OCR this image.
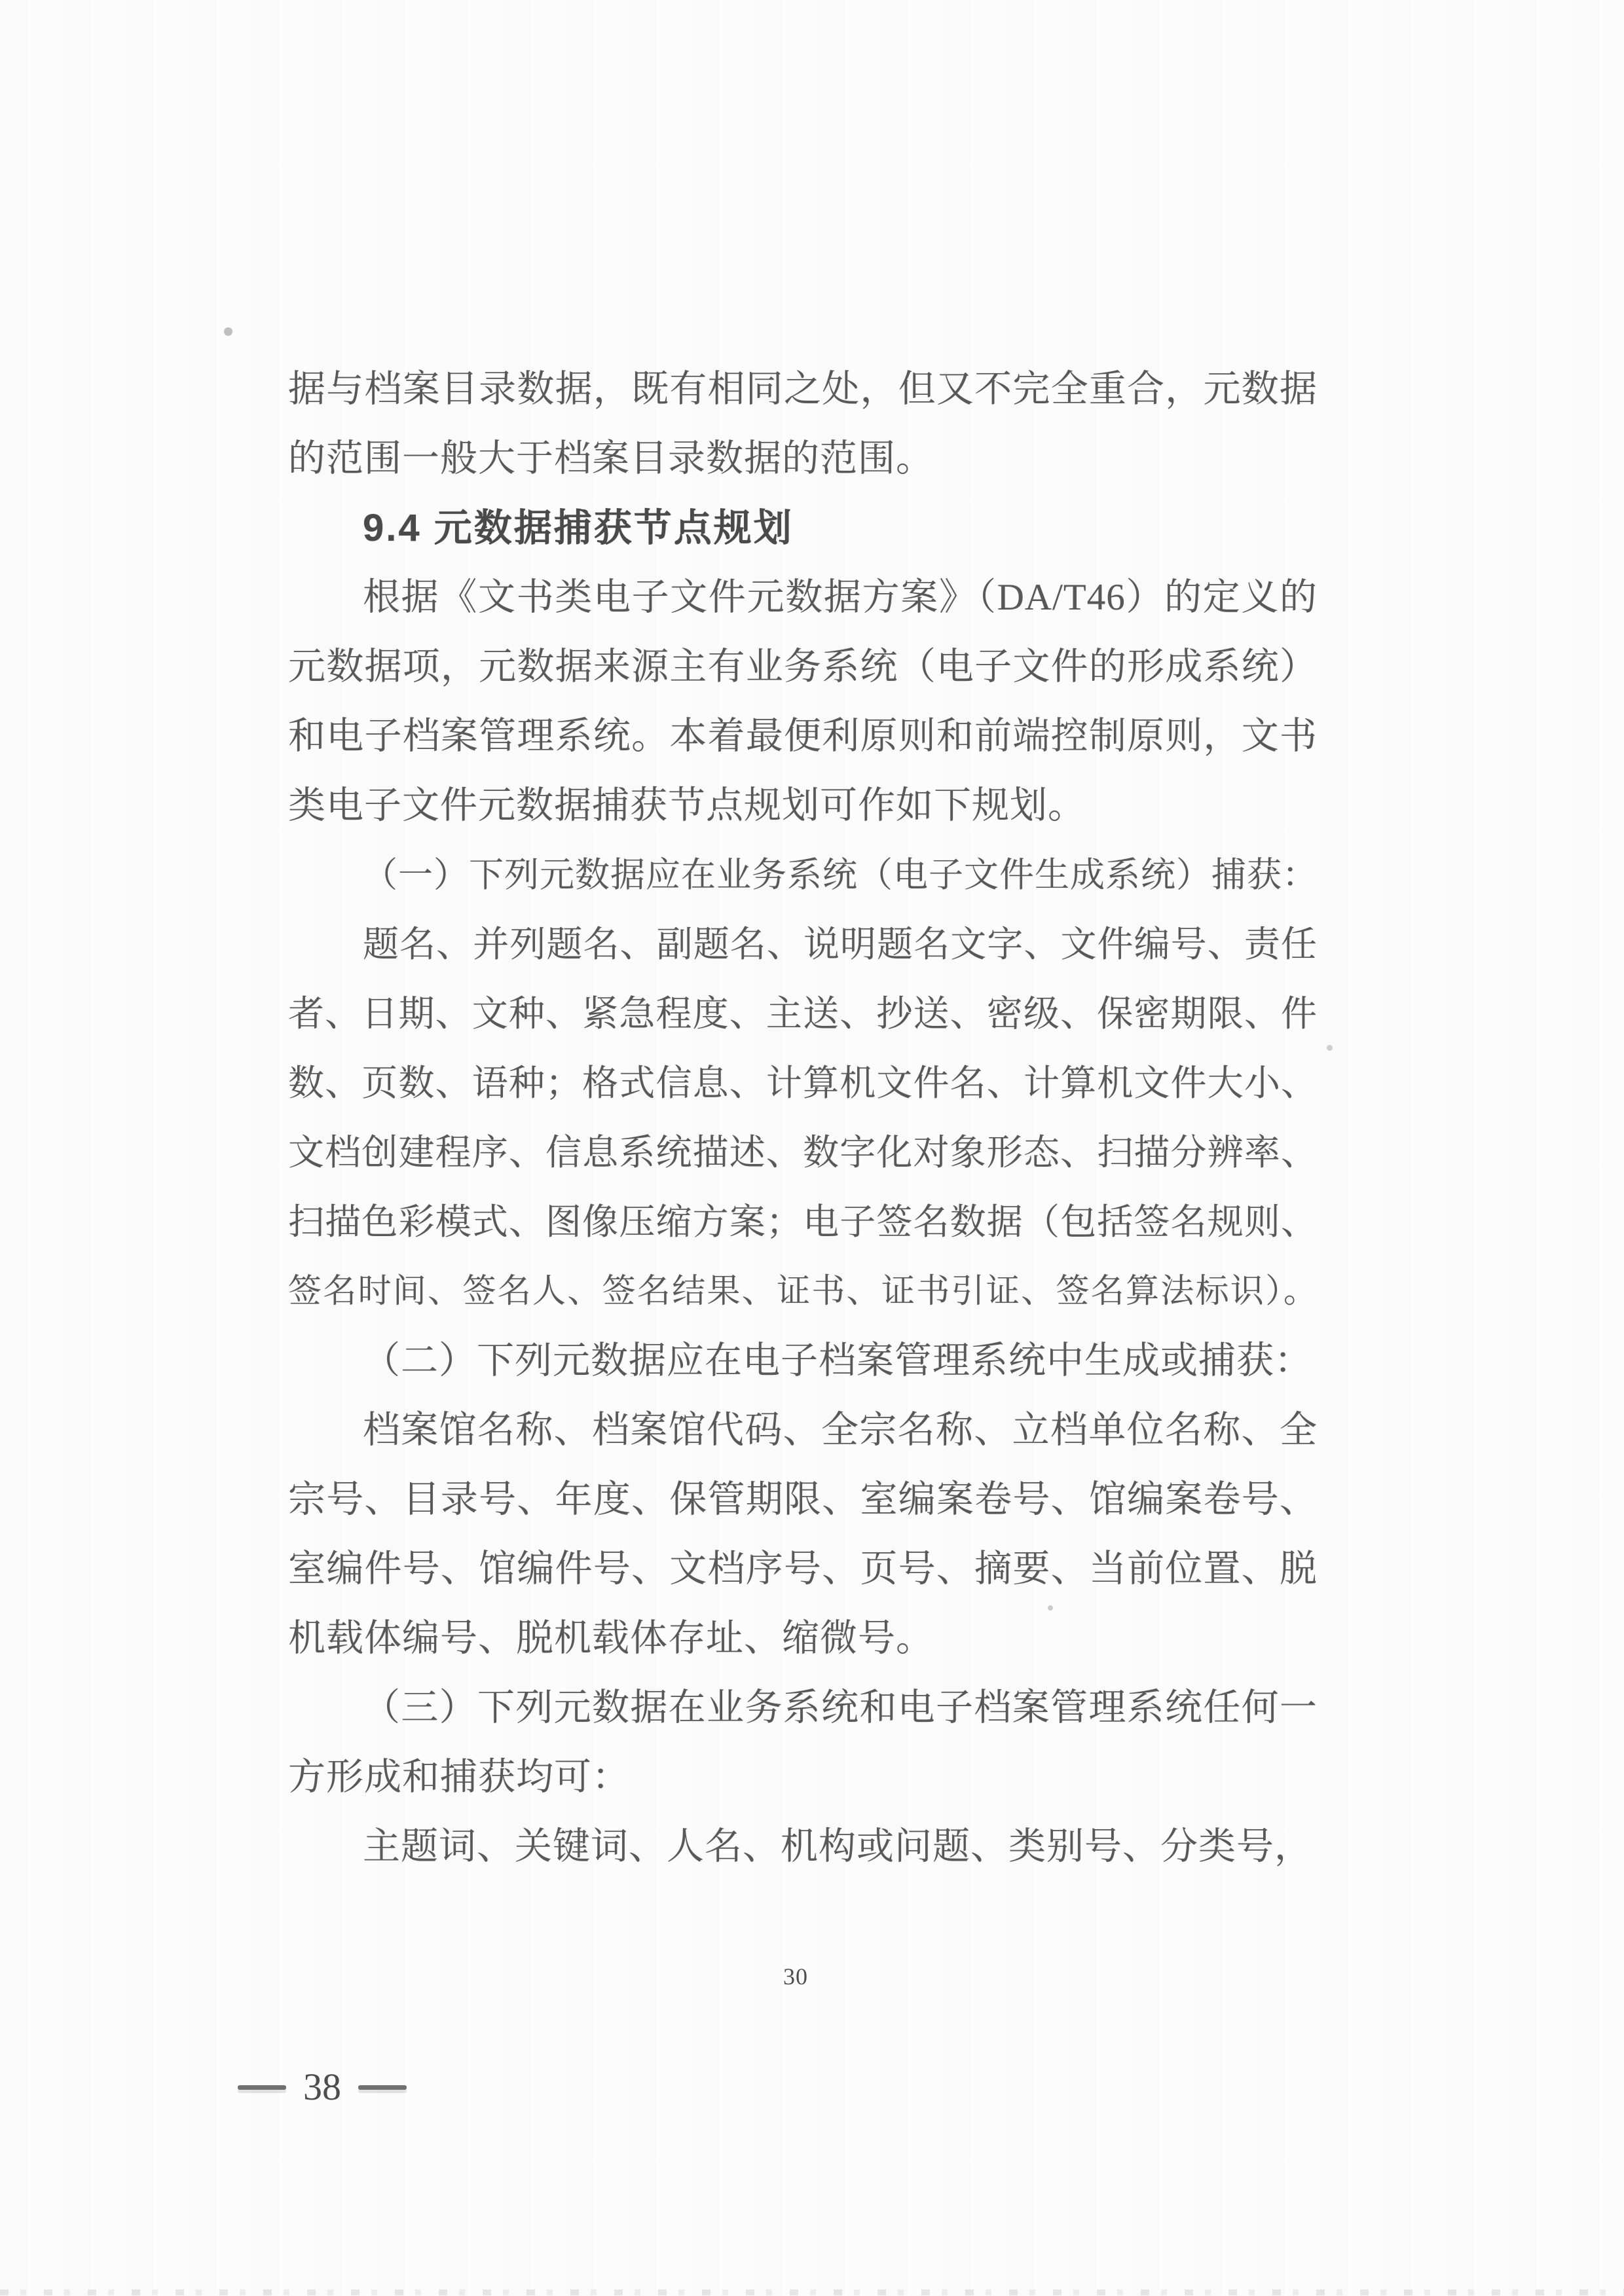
据与档案目录数据，既有相同之处，但又不完全重合，元数据
的范围一般大于档案目录数据的范围。
9.4 元数据捕获节点规划
根据《文书类电子文件元数据方案》（DA/T46）的定义的
元数据项，元数据来源主有业务系统（电子文件的形成系统）
和电子档案管理系统。本着最便利原则和前端控制原则，文书
类电子文件元数据捕获节点规划可作如下规划。
（一）下列元数据应在业务系统（电子文件生成系统）捕获：
题名、并列题名、副题名、说明题名文字、文件编号、责任
者、日期、文种、紧急程度、主送、抄送、密级、保密期限、件
数、页数、语种；格式信息、计算机文件名、计算机文件大小、
文档创建程序、信息系统描述、数字化对象形态、扫描分辨率、
扫描色彩模式、图像压缩方案；电子签名数据（包括签名规则、
签名时间、签名人、签名结果、证书、证书引证、签名算法标识）。
（二）下列元数据应在电子档案管理系统中生成或捕获：
档案馆名称、档案馆代码、全宗名称、立档单位名称、全
宗号、目录号、年度、保管期限、室编案卷号、馆编案卷号、
室编件号、馆编件号、文档序号、页号、摘要、当前位置、脱
机载体编号、脱机载体存址、缩微号。
（三）下列元数据在业务系统和电子档案管理系统任何一
方形成和捕获均可：
主题词、关键词、人名、机构或问题、类别号、分类号，
30
38
